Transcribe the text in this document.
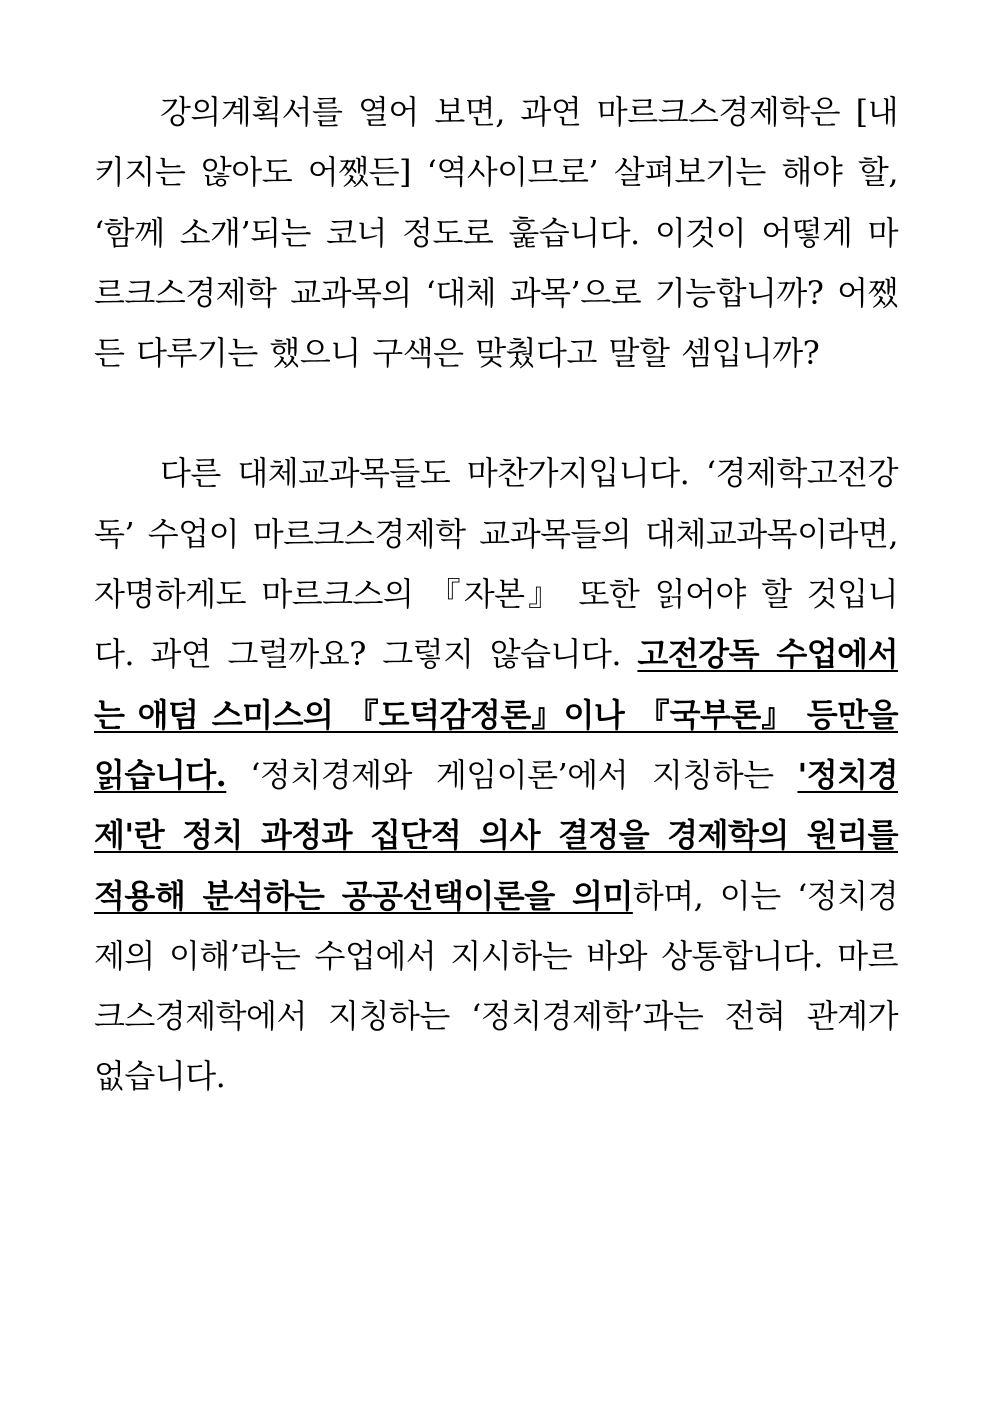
강의계획서를 열어 보면, 과연 마르크스경제학은 [내키지는 않아도 어쨌든] ‘역사이므로’ 살펴보기는 해야 할, ‘함께 소개’되는 코너 정도로 훑습니다. 이것이 어떻게 마르크스경제학 교과목의 ‘대체 과목’으로 기능합니까? 어쨌든 다루기는 했으니 구색은 맞췄다고 말할 셈입니까?

다른 대체교과목들도 마찬가지입니다. ‘경제학고전강독’ 수업이 마르크스경제학 교과목들의 대체교과목이라면, 자명하게도 마르크스의 『자본』 또한 읽어야 할 것입니다. 과연 그럴까요? 그렇지 않습니다. 고전강독 수업에서는 애덤 스미스의 『도덕감정론』이나 『국부론』 등만을 읽습니다. ‘정치경제와 게임이론’에서 지칭하는 '정치경제'란 정치 과정과 집단적 의사 결정을 경제학의 원리를 적용해 분석하는 공공선택이론을 의미하며, 이는 ‘정치경제의 이해’라는 수업에서 지시하는 바와 상통합니다. 마르크스경제학에서 지칭하는 ‘정치경제학’과는 전혀 관계가 없습니다.
